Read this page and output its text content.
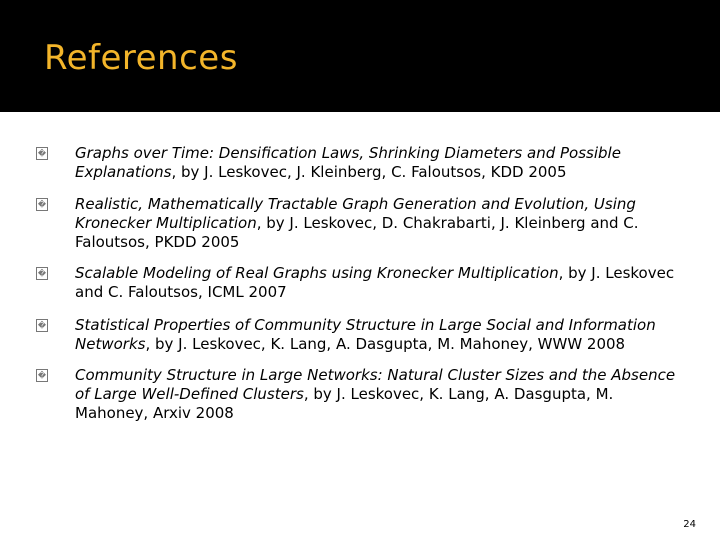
References
� Graphs over Time: Densification Laws, Shrinking Diameters and Possible Explanations, by J. Leskovec, J. Kleinberg, C. Faloutsos, KDD 2005
� Realistic, Mathematically Tractable Graph Generation and Evolution, Using Kronecker Multiplication, by J. Leskovec, D. Chakrabarti, J. Kleinberg and C. Faloutsos, PKDD 2005
� Scalable Modeling of Real Graphs using Kronecker Multiplication, by J. Leskovec and C. Faloutsos, ICML 2007
� Statistical Properties of Community Structure in Large Social and Information Networks, by J. Leskovec, K. Lang, A. Dasgupta, M. Mahoney, WWW 2008
� Community Structure in Large Networks: Natural Cluster Sizes and the Absence of Large Well-Defined Clusters, by J. Leskovec, K. Lang, A. Dasgupta, M. Mahoney, Arxiv 2008
24
